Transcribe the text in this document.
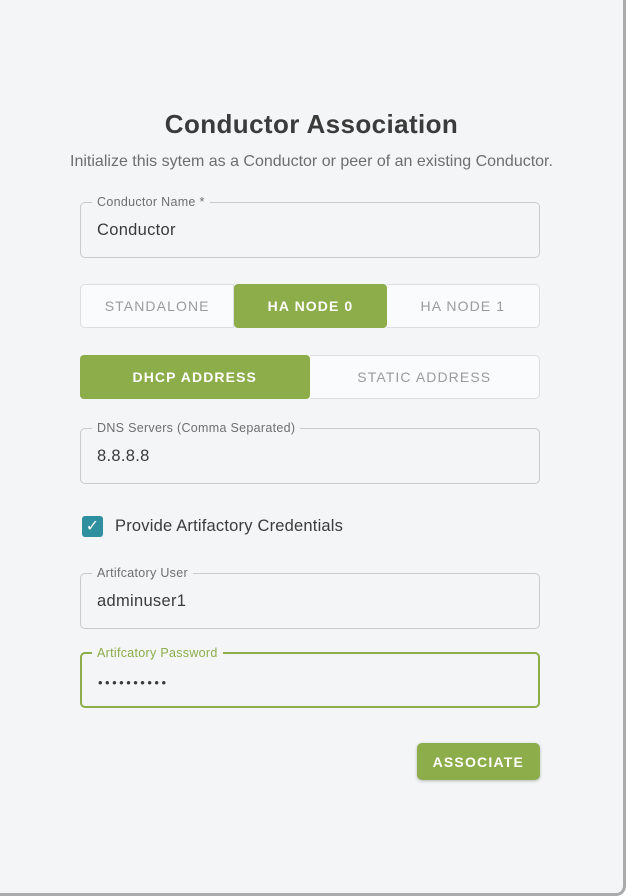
Conductor Association

Initialize this sytem as a Conductor or peer of an existing Conductor.

Conductor Name *
Conductor
STANDALONE	HA NODE 0	HA NODE 1
DHCP ADDRESS	STATIC ADDRESS
DNS Servers (Comma Separated)
8.8.8.8
✓ Provide Artifactory Credentials
Artifcatory User
adminuser1
Artifcatory Password
••••••••••
ASSOCIATE
